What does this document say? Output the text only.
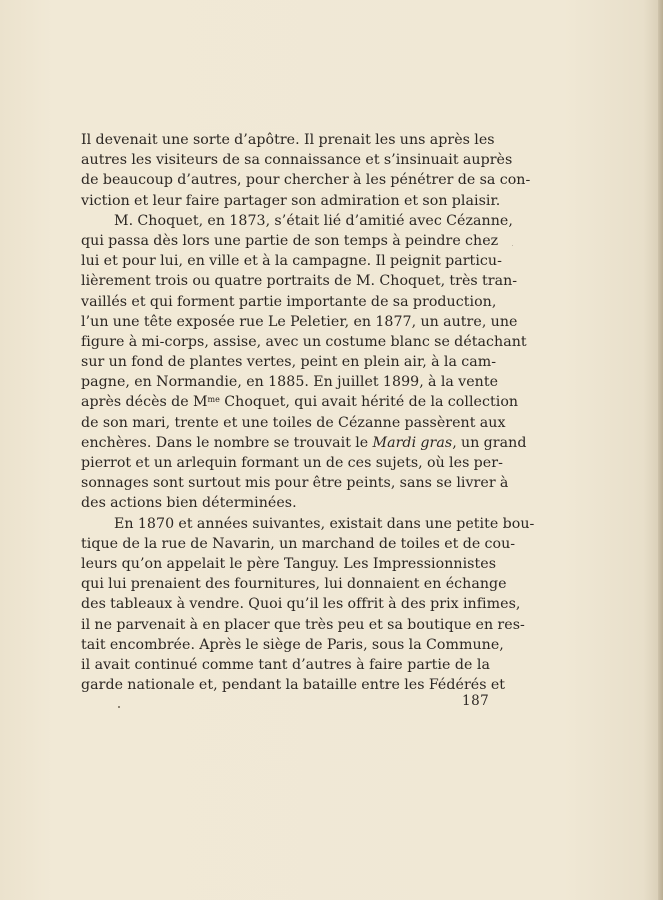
Il devenait une sorte d’apôtre. Il prenait les uns après les
autres les visiteurs de sa connaissance et s’insinuait auprès
de beaucoup d’autres, pour chercher à les pénétrer de sa con-
viction et leur faire partager son admiration et son plaisir.
M. Choquet, en 1873, s’était lié d’amitié avec Cézanne,
qui passa dès lors une partie de son temps à peindre chez
lui et pour lui, en ville et à la campagne. Il peignit particu-
lièrement trois ou quatre portraits de M. Choquet, très tran-
vaillés et qui forment partie importante de sa production,
l’un une tête exposée rue Le Peletier, en 1877, un autre, une
figure à mi-corps, assise, avec un costume blanc se détachant
sur un fond de plantes vertes, peint en plein air, à la cam-
pagne, en Normandie, en 1885. En juillet 1899, à la vente
après décès de $M^{me}$ Choquet, qui avait hérité de la collection
de son mari, trente et une toiles de Cézanne passèrent aux
enchères. Dans le nombre se trouvait le Mardi gras, un grand
pierrot et un arlequin formant un de ces sujets, où les per-
sonnages sont surtout mis pour être peints, sans se livrer à
des actions bien déterminées.
En 1870 et années suivantes, existait dans une petite bou-
tique de la rue de Navarin, un marchand de toiles et de cou-
leurs qu’on appelait le père Tanguy. Les Impressionnistes
qui lui prenaient des fournitures, lui donnaient en échange
des tableaux à vendre. Quoi qu’il les offrit à des prix infimes,
il ne parvenait à en placer que très peu et sa boutique en res-
tait encombrée. Après le siège de Paris, sous la Commune,
il avait continué comme tant d’autres à faire partie de la
garde nationale et, pendant la bataille entre les Fédérés et
187
